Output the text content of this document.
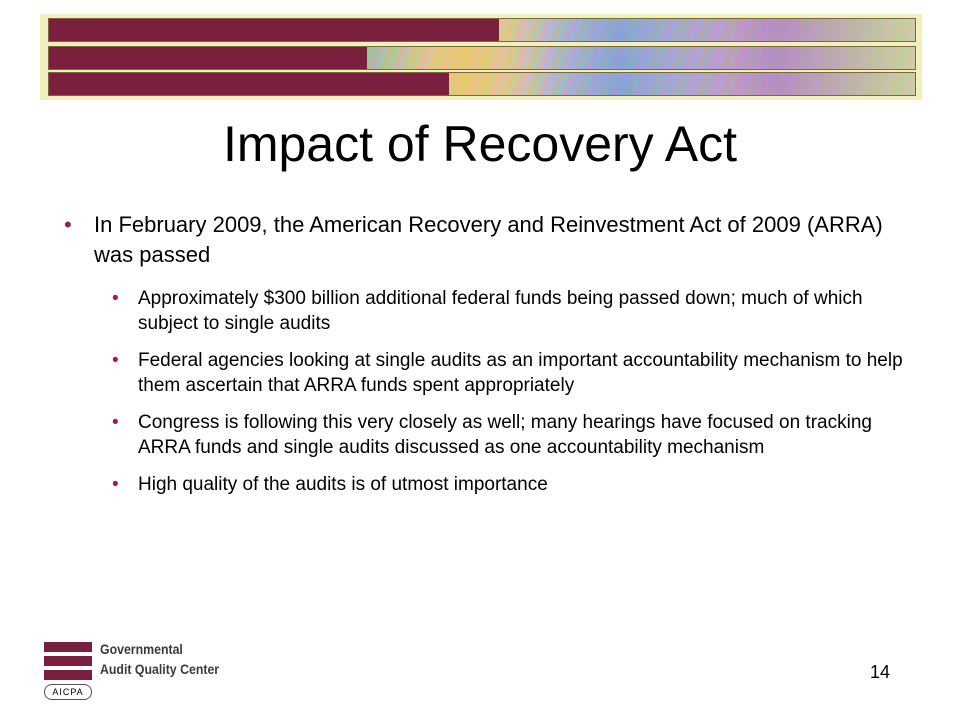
Impact of Recovery Act
• In February 2009, the American Recovery and Reinvestment Act of 2009 (ARRA) was passed
• Approximately $300 billion additional federal funds being passed down; much of which subject to single audits
• Federal agencies looking at single audits as an important accountability mechanism to help them ascertain that ARRA funds spent appropriately
• Congress is following this very closely as well; many hearings have focused on tracking ARRA funds and single audits discussed as one accountability mechanism
• High quality of the audits is of utmost importance
AICPA
Governmental
Audit Quality Center	14
